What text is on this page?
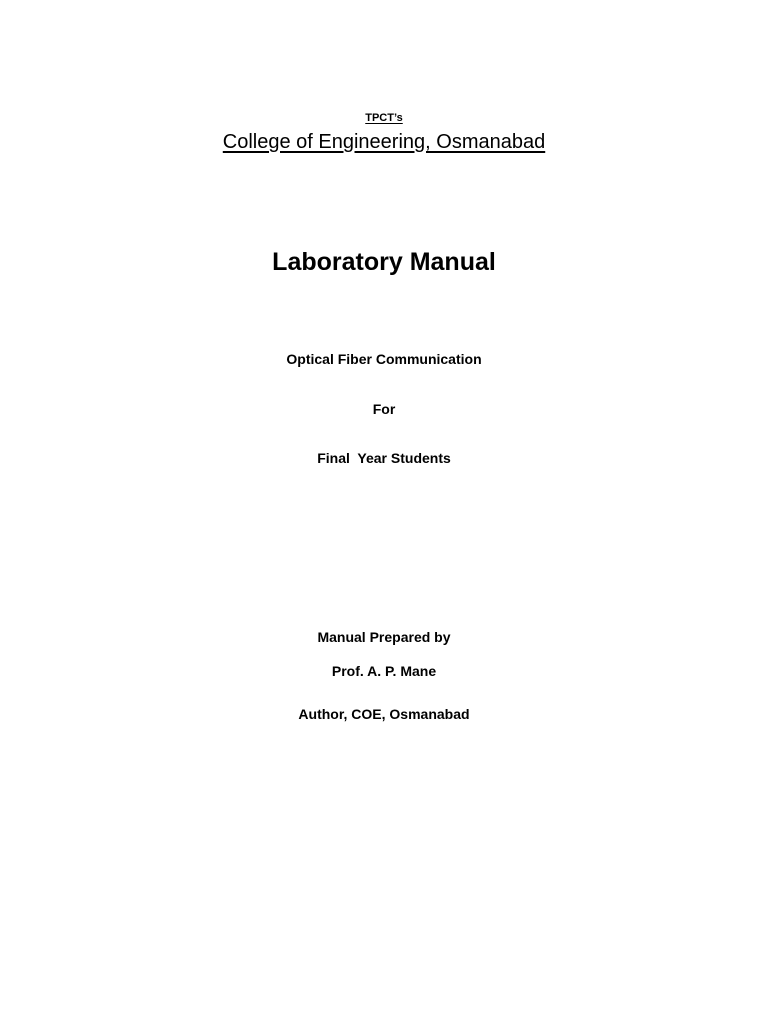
TPCT’s
College of Engineering, Osmanabad
Laboratory Manual
Optical Fiber Communication
For
Final  Year Students
Manual Prepared by
Prof. A. P. Mane
Author, COE, Osmanabad
